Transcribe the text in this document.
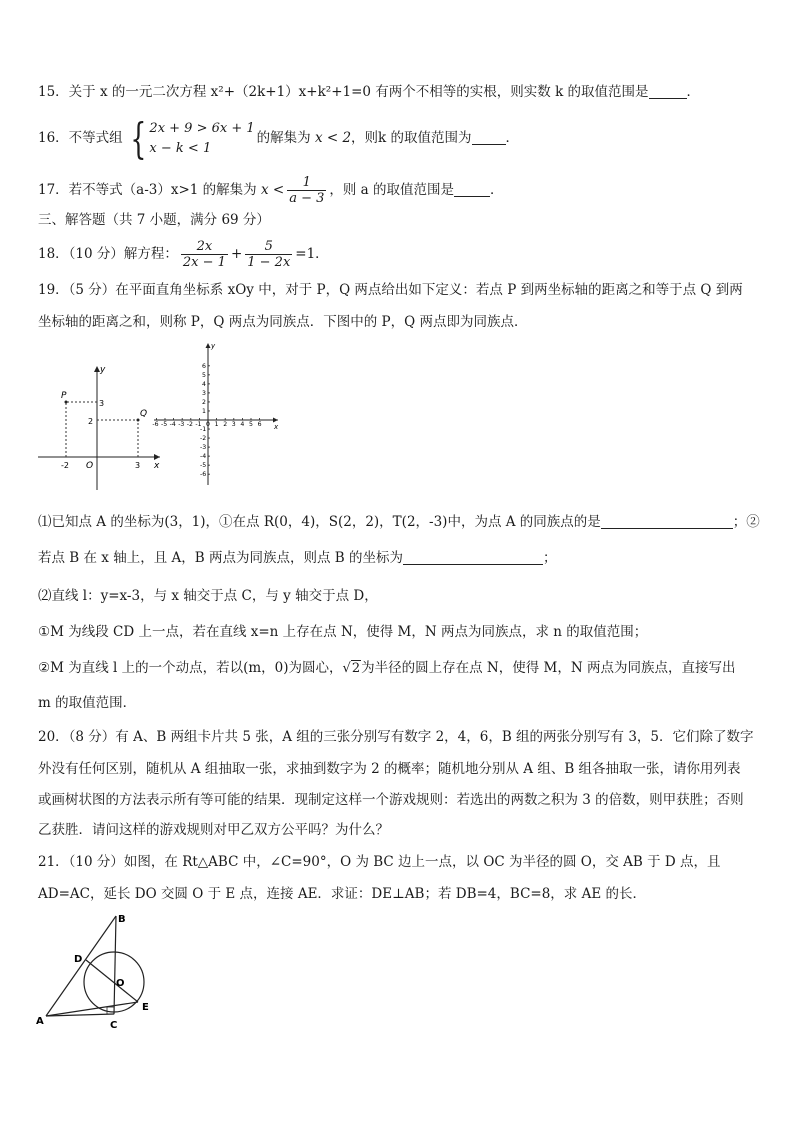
15．关于 x 的一元二次方程 x²+（2k+1）x+k²+1=0 有两个不相等的实根，则实数 k 的取值范围是	．
16．不等式组 { 2x + 9 > 6x + 1
x − k < 1
的解集为 x < 2，则k 的取值范围为	．
17．若不等式（a-3）x>1 的解集为 $x < \frac{1}{a - 3}$ ，则 a 的取值范围是	．
三、解答题（共 7 小题，满分 69 分）
18．（10 分）解方程： $\frac{2x}{2x - 1} + \frac{5}{1 - 2x} =1$．
19．（5 分）在平面直角坐标系 xOy 中，对于 P，Q 两点给出如下定义：若点 P 到两坐标轴的距离之和等于点 Q 到两
坐标轴的距离之和，则称 P，Q 两点为同族点．下图中的 P，Q 两点即为同族点．
P
Q
O	x
y
3
2
-2	3
x
y
-6 -5 -4 -3 -2 -1 0 1 2 3 4 5 6
6
5
4
3
2
1
-1
-2
-3
-4
-5
-6
⑴已知点 A 的坐标为(3，1)，①在点 R(0，4)，S(2，2)，T(2，-3)中，为点 A 的同族点的是	；②
若点 B 在 x 轴上，且 A，B 两点为同族点，则点 B 的坐标为	；
⑵直线 l：y=x-3，与 x 轴交于点 C，与 y 轴交于点 D，
①M 为线段 CD 上一点，若在直线 x=n 上存在点 N，使得 M，N 两点为同族点，求 n 的取值范围；
②M 为直线 l 上的一个动点，若以(m，0)为圆心，√2为半径的圆上存在点 N，使得 M，N 两点为同族点，直接写出
m 的取值范围．
20．（8 分）有 A、B 两组卡片共 5 张，A 组的三张分别写有数字 2，4，6，B 组的两张分别写有 3，5．它们除了数字
外没有任何区别，随机从 A 组抽取一张，求抽到数字为 2 的概率；随机地分别从 A 组、B 组各抽取一张，请你用列表
或画树状图的方法表示所有等可能的结果．现制定这样一个游戏规则：若选出的两数之积为 3 的倍数，则甲获胜；否则
乙获胜．请问这样的游戏规则对甲乙双方公平吗？为什么？
21．（10 分）如图，在 Rt△ABC 中，∠C=90°，O 为 BC 边上一点，以 OC 为半径的圆 O，交 AB 于 D 点，且
AD=AC，延长 DO 交圆 O 于 E 点，连接 AE．求证：DE⊥AB；若 DB=4，BC=8，求 AE 的长．
B
D
O
E
A	C
